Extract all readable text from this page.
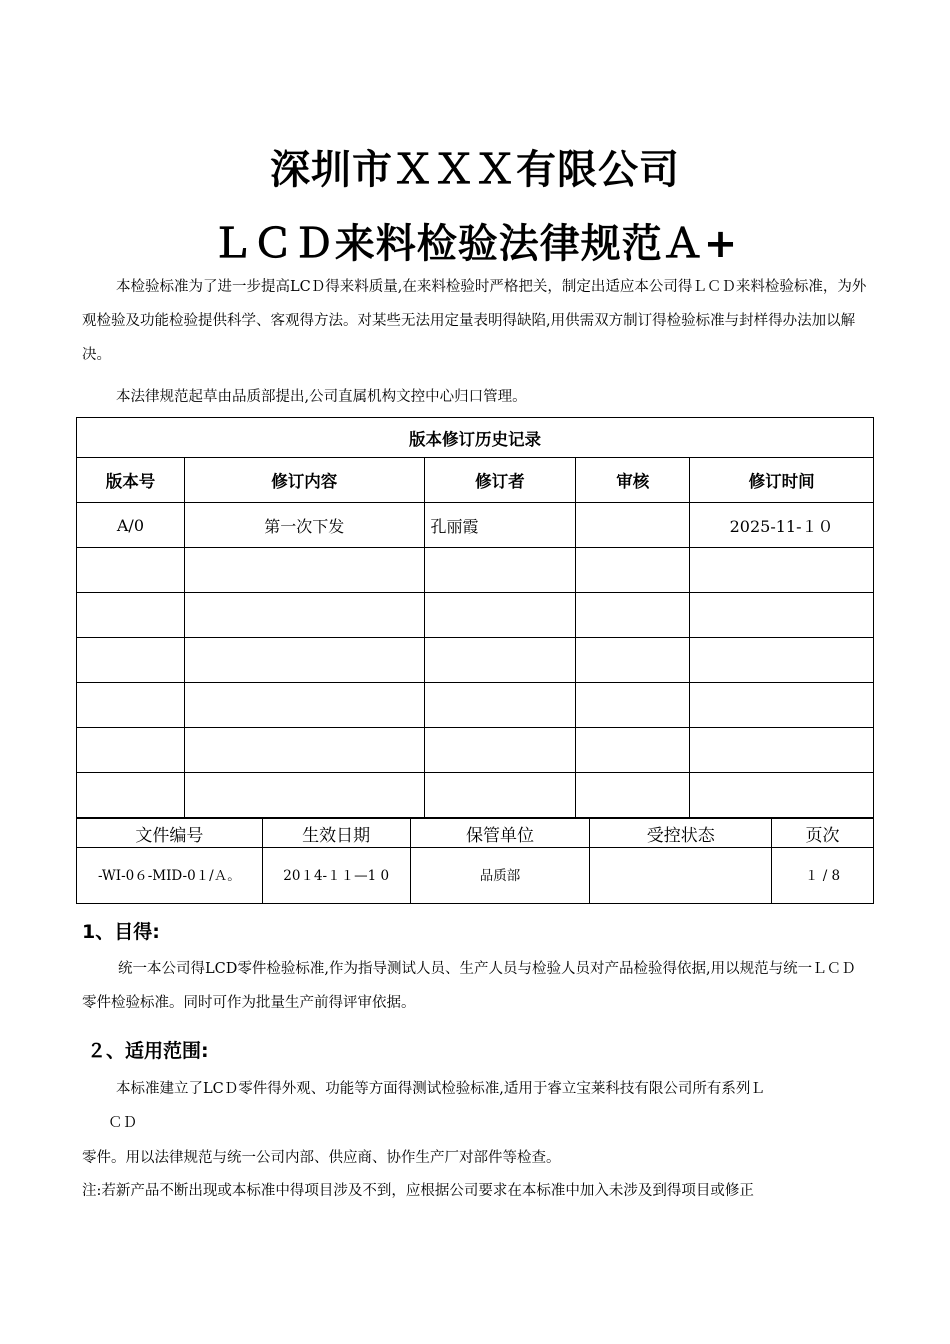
深圳市ＸＸＸ有限公司
ＬＣＤ来料检验法律规范Ａ+
本检验标准为了进一步提高LCＤ得来料质量,在来料检验时严格把关，制定出适应本公司得ＬＣＤ来料检验标准，为外观检验及功能检验提供科学、客观得方法。对某些无法用定量表明得缺陷,用供需双方制订得检验标准与封样得办法加以解决。
本法律规范起草由品质部提出,公司直属机构文控中心归口管理。
版本修订历史记录				
版本号	修订内容	修订者	审核	修订时间
A/0	第一次下发	孔丽霞		2025-11-１０

文件编号	生效日期	保管单位	受控状态	页次
-WI-0６-MID-0１/Ａ。	20１4-１１—1 0	品质部		１ / 8
1、目得:
统一本公司得LCD零件检验标准,作为指导测试人员、生产人员与检验人员对产品检验得依据,用以规范与统一ＬＣＤ零件检验标准。同时可作为批量生产前得评审依据。
２、适用范围:
本标准建立了LCＤ零件得外观、功能等方面得测试检验标准,适用于睿立宝莱科技有限公司所有系列Ｌ
ＣＤ
零件。用以法律规范与统一公司内部、供应商、协作生产厂对部件等检查。
注:若新产品不断出现或本标准中得项目涉及不到，应根据公司要求在本标准中加入未涉及到得项目或修正
